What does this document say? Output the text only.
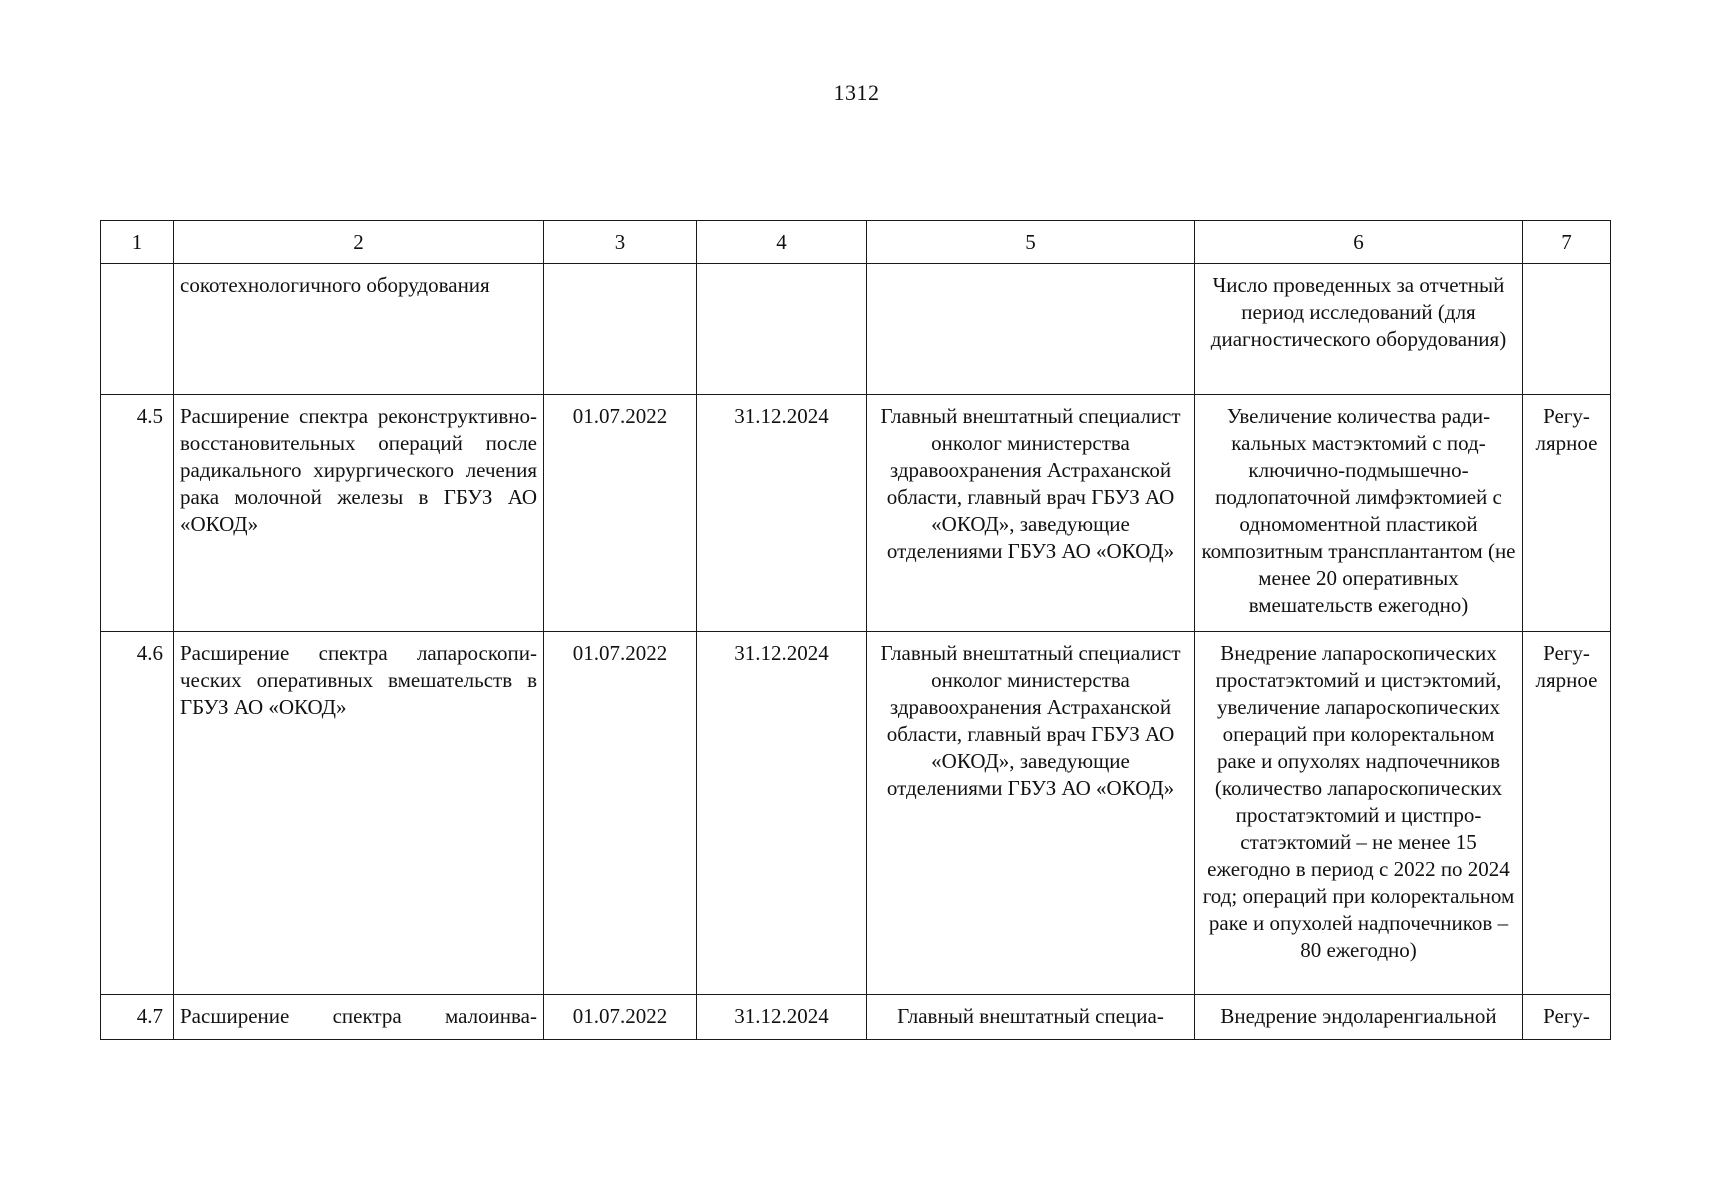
1312
1	2	3	4	5	6	7
	сокотехнологичного оборудования				Число проведенных за отчетный период исследований (для диагностического оборудования)	
4.5	Расширение спектра реконструктивно-восстановительных операций после радикального хирургического лечения рака молочной железы в ГБУЗ АО «ОКОД»	01.07.2022	31.12.2024	Главный внештатный специалист онколог министерства здравоохранения Астраханской области, главный врач ГБУЗ АО «ОКОД», заведующие отделениями ГБУЗ АО «ОКОД»	Увеличение количества радикальных мастэктомий с подключично-подмышечно-подлопаточной лимфэктомией с одномоментной пластикой композитным трансплантантом (не менее 20 оперативных вмешательств ежегодно)	Регулярное
4.6	Расширение спектра лапароскопических оперативных вмешательств в ГБУЗ АО «ОКОД»	01.07.2022	31.12.2024	Главный внештатный специалист онколог министерства здравоохранения Астраханской области, главный врач ГБУЗ АО «ОКОД», заведующие отделениями ГБУЗ АО «ОКОД»	Внедрение лапароскопических простатэктомий и цистэктомий, увеличение лапароскопических операций при колоректальном раке и опухолях надпочечников (количество лапароскопических простатэктомий и цистпростатэктомий – не менее 15 ежегодно в период с 2022 по 2024 год; операций при колоректальном раке и опухолей надпочечников – 80 ежегодно)	Регулярное
4.7	Расширение спектра малоинва-	01.07.2022	31.12.2024	Главный внештатный специа-	Внедрение эндоларенгиальной	Регу-
